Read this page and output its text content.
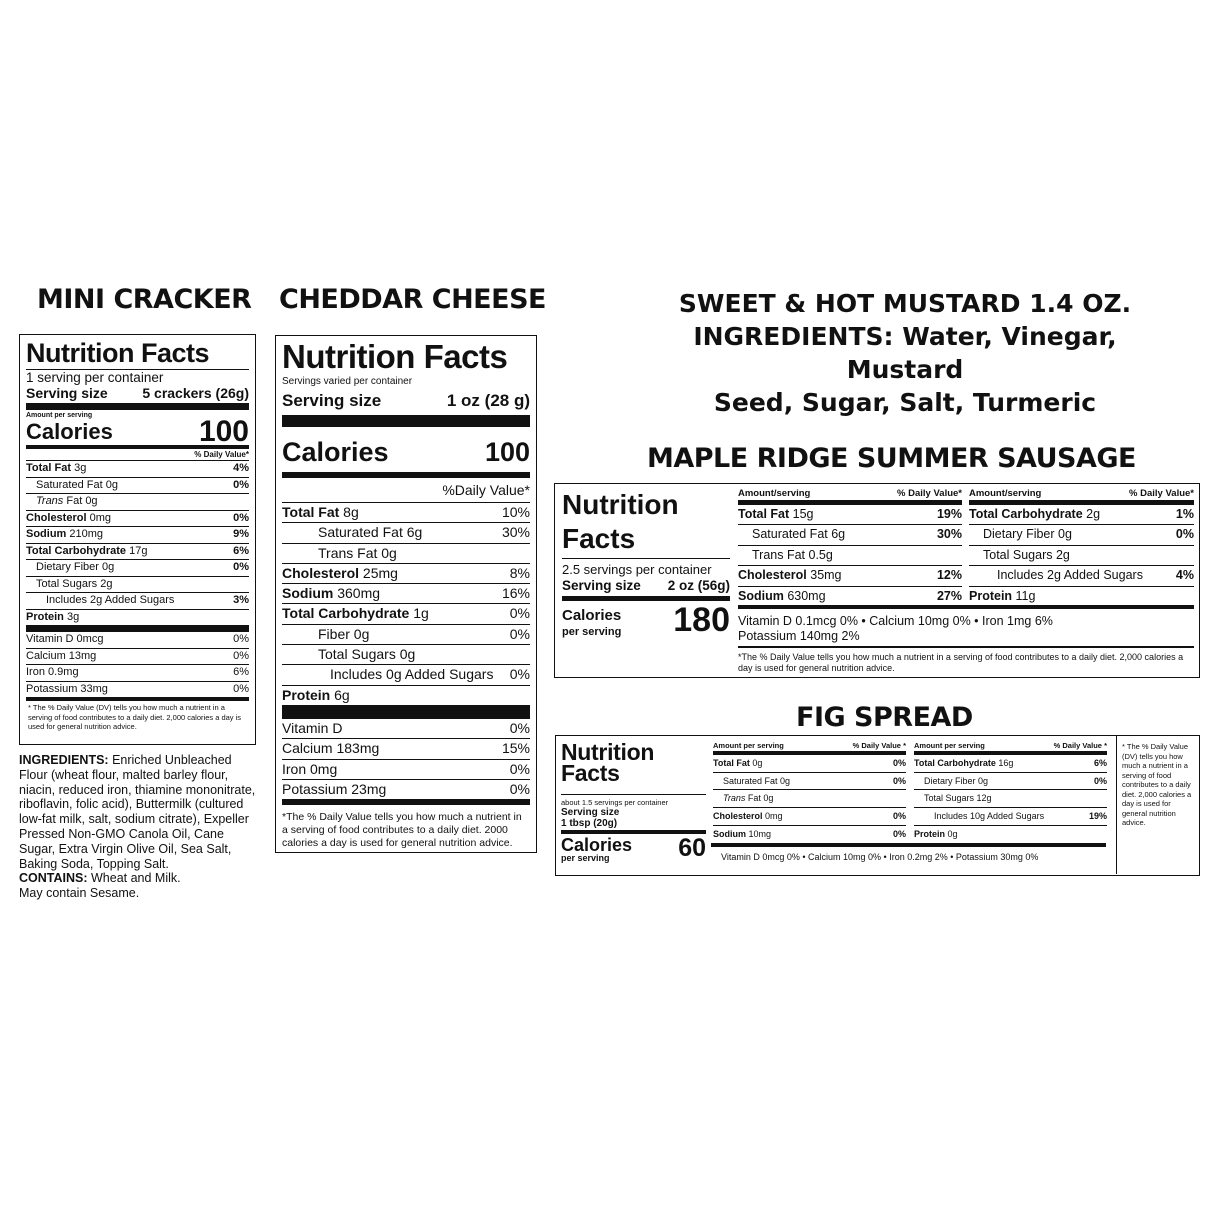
MINI CRACKER CHEDDAR CHEESE	SWEET & HOT MUSTARD 1.4 OZ.
INGREDIENTS: Water, Vinegar, Mustard
Seed, Sugar, Salt, Turmeric
MAPLE RIDGE SUMMER SAUSAGE
FIG SPREAD
Nutrition Facts
1 serving per container
Serving size 5 crackers (26g)
Amount per serving
Calories	100
% Daily Value*
Total Fat 3g	4%
Saturated Fat 0g	0%
Trans Fat 0g
Cholesterol 0mg	0%
Sodium 210mg	9%
Total Carbohydrate 17g	6%
Dietary Fiber 0g	0%
Total Sugars 2g
Includes 2g Added Sugars	3%
Protein 3g
Vitamin D 0mcg	0%
Calcium 13mg	0%
Iron 0.9mg	6%
Potassium 33mg	0%
* The % Daily Value (DV) tells you how much a nutrient in a serving of food contributes to a daily diet. 2,000 calories a day is used for general nutrition advice.
INGREDIENTS: Enriched Unbleached Flour (wheat flour, malted barley flour, niacin, reduced iron, thiamine mononitrate, riboflavin, folic acid), Buttermilk (cultured low-fat milk, salt, sodium citrate), Expeller Pressed Non-GMO Canola Oil, Cane Sugar, Extra Virgin Olive Oil, Sea Salt, Baking Soda, Topping Salt.
CONTAINS: Wheat and Milk.
May contain Sesame.
Nutrition Facts
Servings varied per container
Serving size	1 oz (28 g)
Calories	100
%Daily Value*
Total Fat 8g	10%
Saturated Fat 6g	30%
Trans Fat 0g
Cholesterol 25mg	8%
Sodium 360mg	16%
Total Carbohydrate 1g	0%
Fiber 0g	0%
Total Sugars 0g
Includes 0g Added Sugars 0%
Protein 6g
Vitamin D	0%
Calcium 183mg	15%
Iron 0mg	0%
Potassium 23mg	0%
*The % Daily Value tells you how much a nutrient in a serving of food contributes to a daily diet. 2000 calories a day is used for general nutrition advice.
Nutrition
Facts
2.5 servings per container
Serving size 2 oz (56g)
Calories
per serving 180
Amount/serving	% Daily Value*
Total Fat 15g	19%
Saturated Fat 6g	30%
Trans Fat 0.5g
Cholesterol 35mg	12%
Sodium 630mg	27%
Amount/serving	% Daily Value*
Total Carbohydrate 2g	1%
Dietary Fiber 0g	0%
Total Sugars 2g
Includes 2g Added Sugars	4%
Protein 11g
Vitamin D 0.1mcg 0% • Calcium 10mg 0% • Iron 1mg 6%
Potassium 140mg 2%
*The % Daily Value tells you how much a nutrient in a serving of food contributes to a daily diet. 2,000 calories a day is used for general nutrition advice.
Nutrition
Facts
about 1.5 servings per container
Serving size
1 tbsp (20g)
Calories
per serving	60
Amount per serving	% Daily Value *
Total Fat 0g	0%
Saturated Fat 0g	0%
Trans Fat 0g
Cholesterol 0mg	0%
Sodium 10mg	0%
Amount per serving	% Daily Value *
Total Carbohydrate 16g	6%
Dietary Fiber 0g	0%
Total Sugars 12g
Includes 10g Added Sugars	19%
Protein 0g
Vitamin D 0mcg 0% • Calcium 10mg 0% • Iron 0.2mg 2% • Potassium 30mg 0%
* The % Daily Value (DV) tells you how much a nutrient in a serving of food contributes to a daily diet. 2,000 calories a day is used for general nutrition advice.
